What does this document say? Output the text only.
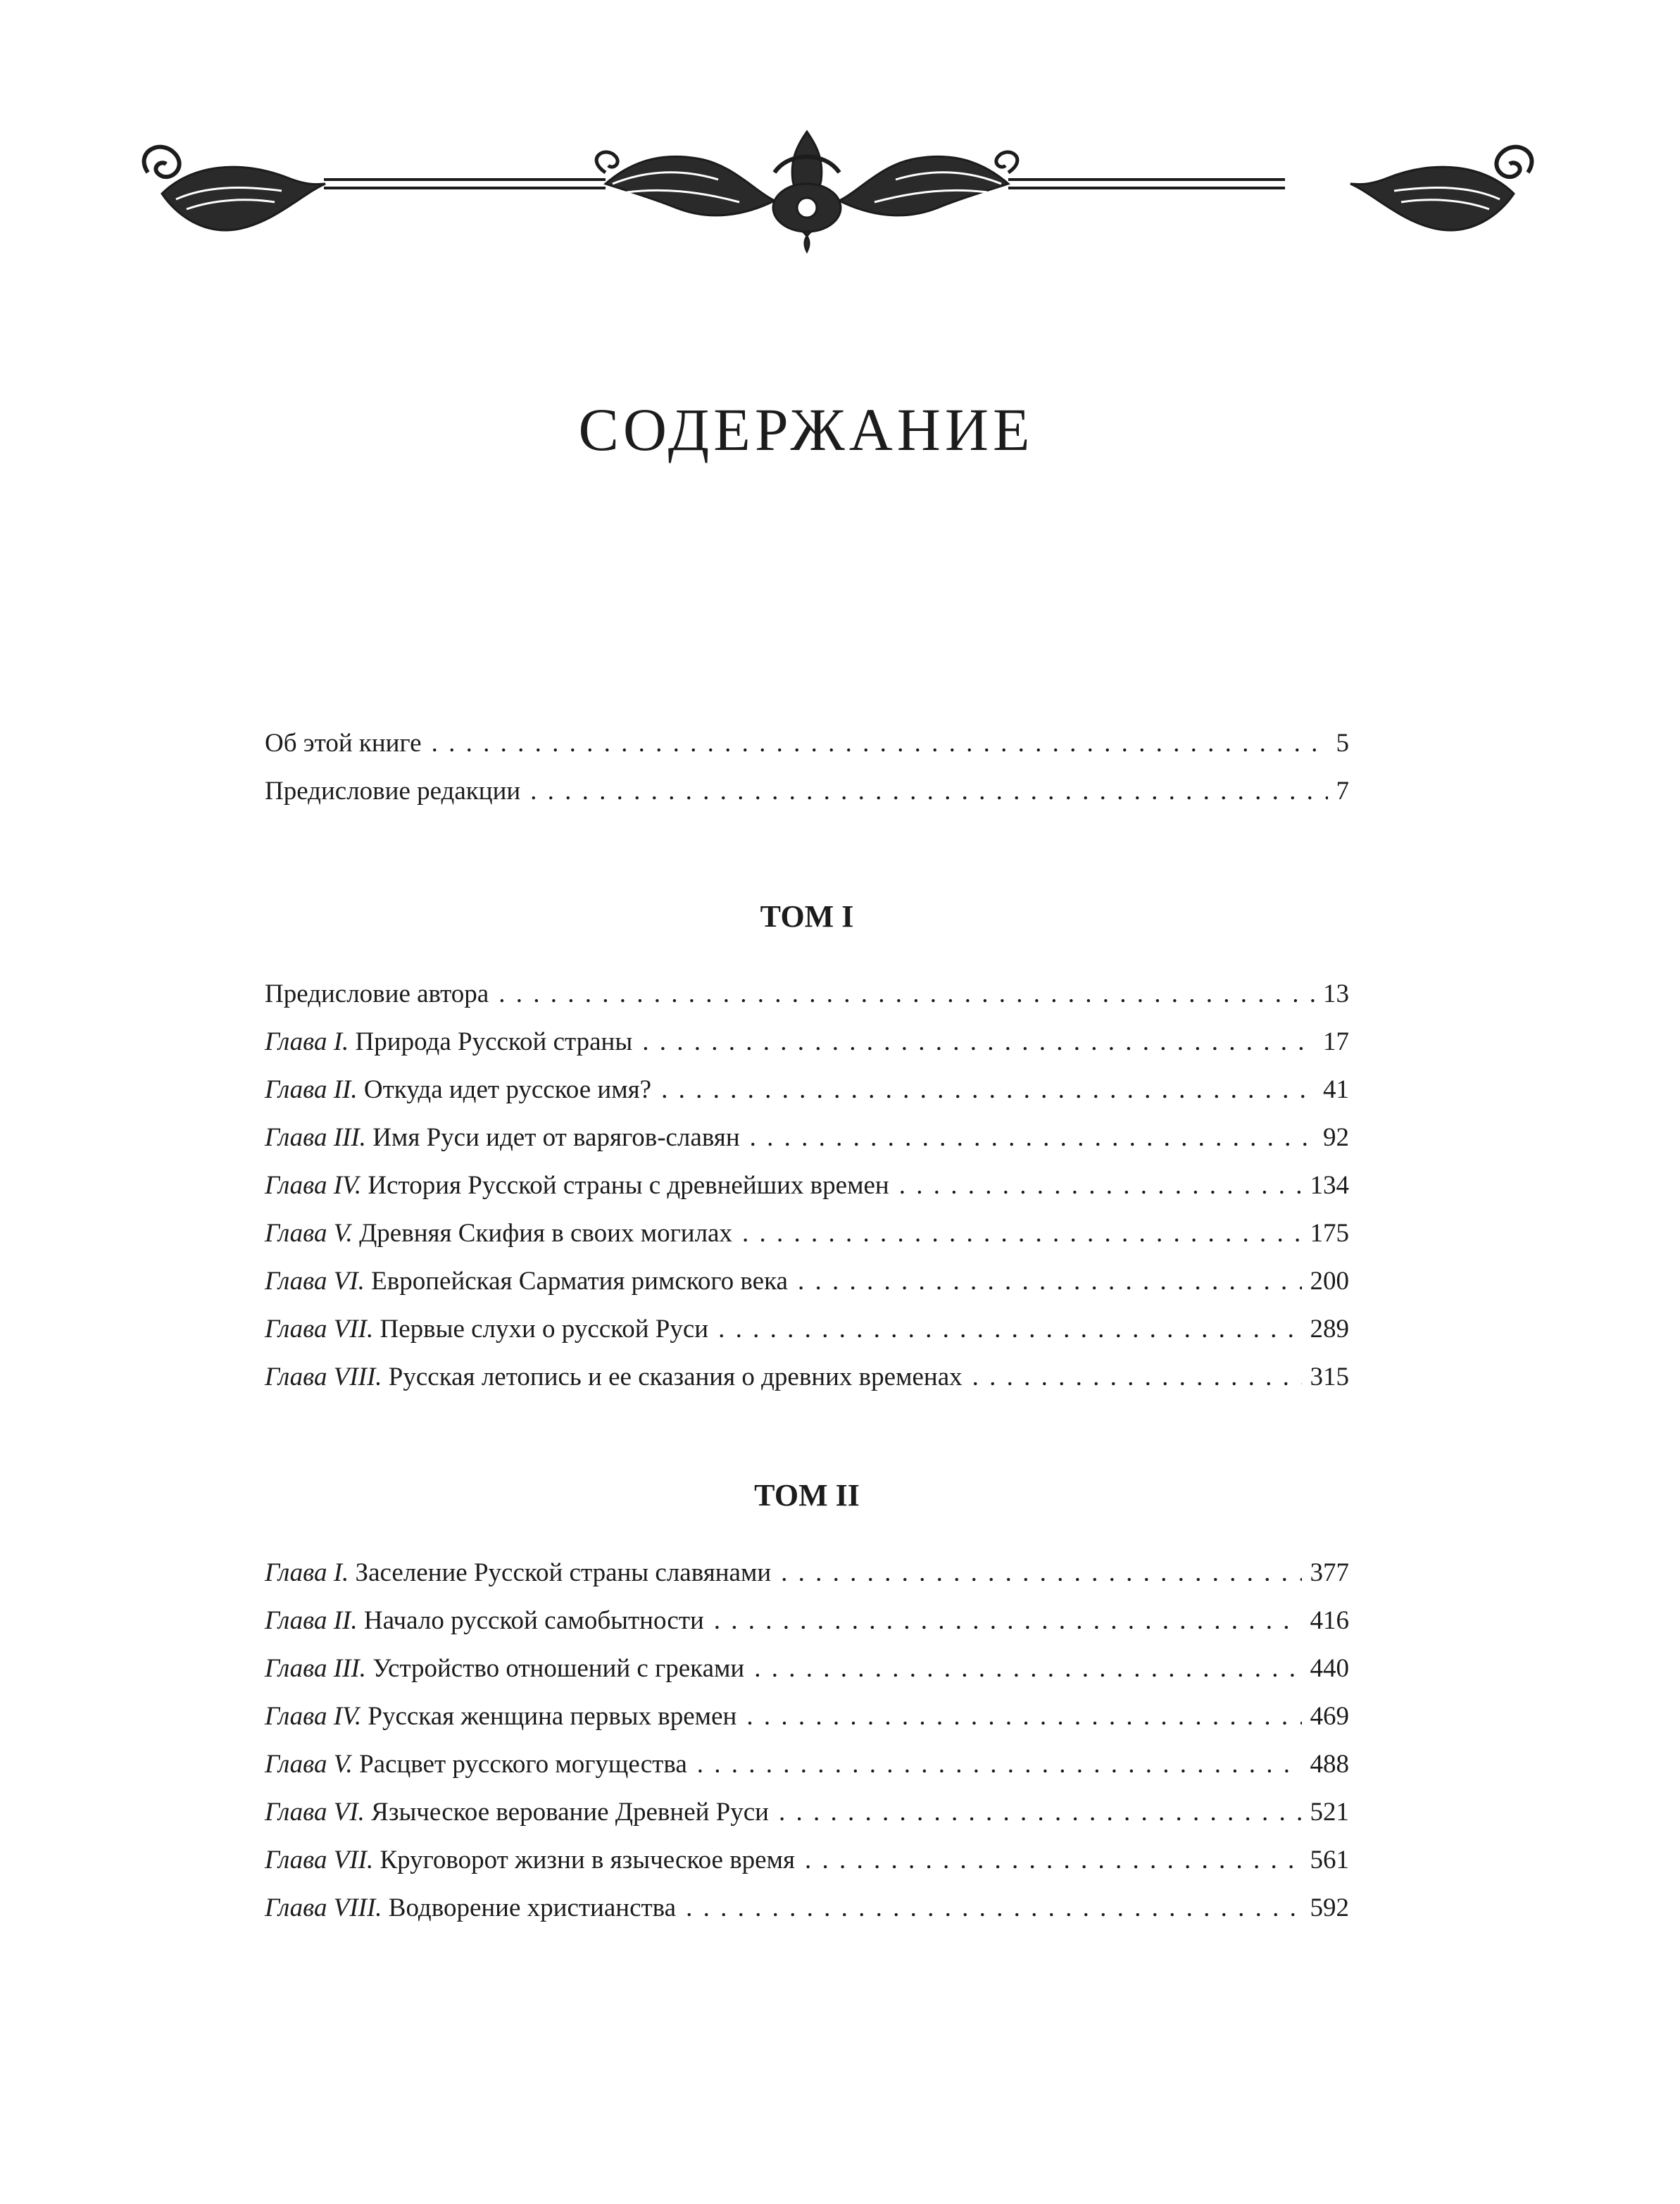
СОДЕРЖАНИЕ
Об этой книге . . .	5
Предисловие редакции . . .	7
ТОМ I
Предисловие автора . . .	13
Глава I. Природа Русской страны . . .	17
Глава II. Откуда идет русское имя? . . .	41
Глава III. Имя Руси идет от варягов-славян . . .	92
Глава IV. История Русской страны с древнейших времен . . .	134
Глава V. Древняя Скифия в своих могилах . . .	175
Глава VI. Европейская Сарматия римского века . . .	200
Глава VII. Первые слухи о русской Руси . . .	289
Глава VIII. Русская летопись и ее сказания о древних временах . . .	315
ТОМ II
Глава I. Заселение Русской страны славянами . . .	377
Глава II. Начало русской самобытности . . .	416
Глава III. Устройство отношений с греками . . .	440
Глава IV. Русская женщина первых времен . . .	469
Глава V. Расцвет русского могущества . . .	488
Глава VI. Языческое верование Древней Руси . . .	521
Глава VII. Круговорот жизни в языческое время . . .	561
Глава VIII. Водворение христианства . . .	592
